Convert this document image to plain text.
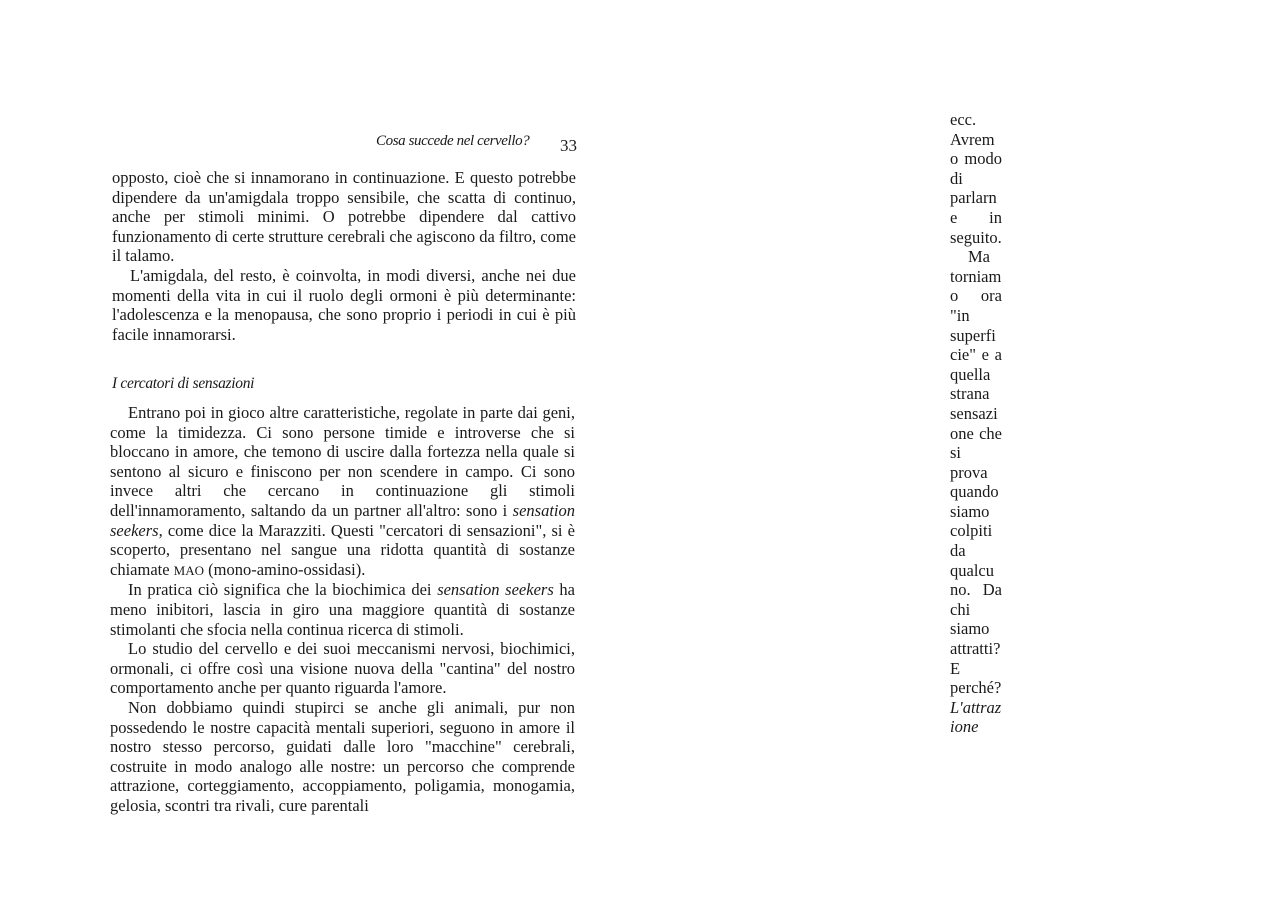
Cosa succede nel cervello?	33

opposto, cioè che si innamorano in continuazione. E questo potrebbe dipendere da un'amigdala troppo sensibile, che scatta di continuo, anche per stimoli minimi. O potrebbe dipendere dal cattivo funzionamento di certe strutture cerebrali che agiscono da filtro, come il talamo.

L'amigdala, del resto, è coinvolta, in modi diversi, anche nei due momenti della vita in cui il ruolo degli ormoni è più determinante: l'adolescenza e la menopausa, che sono proprio i periodi in cui è più facile innamorarsi.

I cercatori di sensazioni

Entrano poi in gioco altre caratteristiche, regolate in parte dai geni, come la timidezza. Ci sono persone timide e introverse che si bloccano in amore, che temono di uscire dalla fortezza nella quale si sentono al sicuro e finiscono per non scendere in campo. Ci sono invece altri che cercano in continuazione gli stimoli dell'innamoramento, saltando da un partner all'altro: sono i sensation seekers, come dice la Marazziti. Questi "cercatori di sensazioni", si è scoperto, presentano nel sangue una ridotta quantità di sostanze chiamate MAO (mono-amino-ossidasi).

In pratica ciò significa che la biochimica dei sensation seekers ha meno inibitori, lascia in giro una maggiore quantità di sostanze stimolanti che sfocia nella continua ricerca di stimoli.

Lo studio del cervello e dei suoi meccanismi nervosi, biochimici, ormonali, ci offre così una visione nuova della "cantina" del nostro comportamento anche per quanto riguarda l'amore.

Non dobbiamo quindi stupirci se anche gli animali, pur non possedendo le nostre capacità mentali superiori, seguono in amore il nostro stesso percorso, guidati dalle loro "macchine" cerebrali, costruite in modo analogo alle nostre: un percorso che comprende attrazione, corteggiamento, accoppiamento, poligamia, monogamia, gelosia, scontri tra rivali, cure parentali

ecc. Avremo modo di parlarne in seguito.

Ma torniamo ora "in superficie" e a quella strana sensazione che si prova quando siamo colpiti da qualcuno. Da chi siamo attratti? E perché?

L'attrazione
